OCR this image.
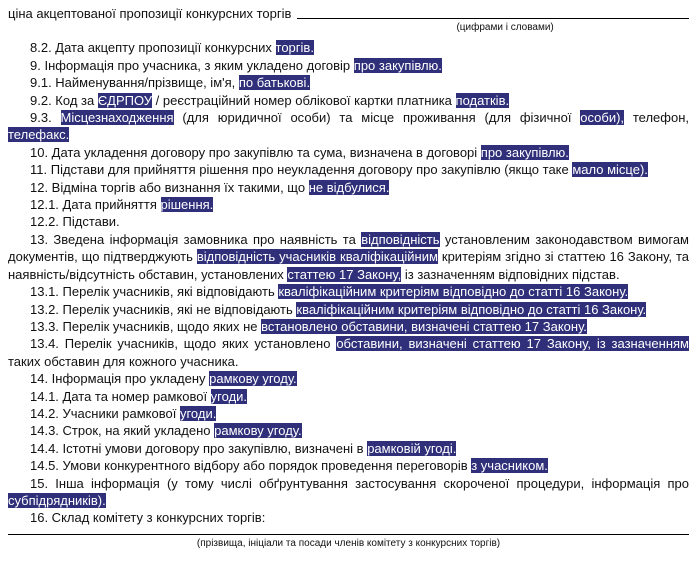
ціна акцептованої пропозиції конкурсних торгів
(цифрами і словами)

8.2. Дата акцепту пропозиції конкурсних торгів.

9. Інформація про учасника, з яким укладено договір про закупівлю.

9.1. Найменування/прізвище, ім'я, по батькові.

9.2. Код за ЄДРПОУ / реєстраційний номер облікової картки платника податків.

9.3. Місцезнаходження (для юридичної особи) та місце проживання (для фізичної особи), телефон, телефакс.

10. Дата укладення договору про закупівлю та сума, визначена в договорі про закупівлю.

11. Підстави для прийняття рішення про неукладення договору про закупівлю (якщо таке мало місце).

12. Відміна торгів або визнання їх такими, що не відбулися.

12.1. Дата прийняття рішення.

12.2. Підстави.

13. Зведена інформація замовника про наявність та відповідність установленим законодавством вимогам документів, що підтверджують відповідність учасників кваліфікаційним критеріям згідно зі статтею 16 Закону, та наявність/відсутність обставин, установлених статтею 17 Закону, із зазначенням відповідних підстав.

13.1. Перелік учасників, які відповідають кваліфікаційним критеріям відповідно до статті 16 Закону.

13.2. Перелік учасників, які не відповідають кваліфікаційним критеріям відповідно до статті 16 Закону.

13.3. Перелік учасників, щодо яких не встановлено обставини, визначені статтею 17 Закону.

13.4. Перелік учасників, щодо яких установлено обставини, визначені статтею 17 Закону, із зазначенням таких обставин для кожного учасника.

14. Інформація про укладену рамкову угоду.

14.1. Дата та номер рамкової угоди.

14.2. Учасники рамкової угоди.

14.3. Строк, на який укладено рамкову угоду.

14.4. Істотні умови договору про закупівлю, визначені в рамковій угоді.

14.5. Умови конкурентного відбору або порядок проведення переговорів з учасником.

15. Інша інформація (у тому числі обґрунтування застосування скороченої процедури, інформація про субпідрядників).

16. Склад комітету з конкурсних торгів:

(прізвища, ініціали та посади членів комітету з конкурсних торгів)
